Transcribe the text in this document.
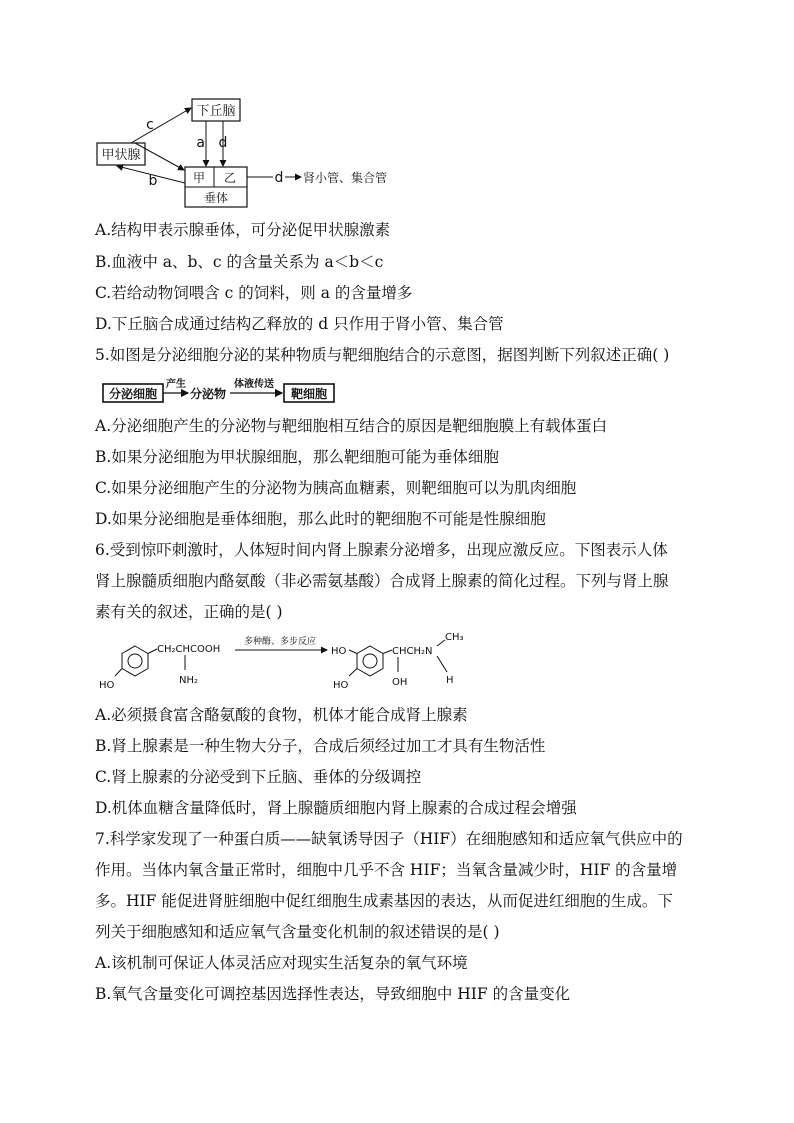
下丘脑
甲状腺
甲 乙
垂体
a d
c
b	d 肾小管、集合管
A.结构甲表示腺垂体，可分泌促甲状腺激素
B.血液中 a、b、c 的含量关系为 a＜b＜c
C.若给动物饲喂含 c 的饲料，则 a 的含量增多
D.下丘脑合成通过结构乙释放的 d 只作用于肾小管、集合管
5.如图是分泌细胞分泌的某种物质与靶细胞结合的示意图，据图判断下列叙述正确( )
分泌细胞
产生
分泌物
体液传送
靶细胞
A.分泌细胞产生的分泌物与靶细胞相互结合的原因是靶细胞膜上有载体蛋白
B.如果分泌细胞为甲状腺细胞，那么靶细胞可能为垂体细胞
C.如果分泌细胞产生的分泌物为胰高血糖素，则靶细胞可以为肌肉细胞
D.如果分泌细胞是垂体细胞，那么此时的靶细胞不可能是性腺细胞
6.受到惊吓刺激时，人体短时间内肾上腺素分泌增多，出现应激反应。下图表示人体
肾上腺髓质细胞内酪氨酸（非必需氨基酸）合成肾上腺素的简化过程。下列与肾上腺
素有关的叙述，正确的是( )
HO
CH₂CHCOOH
NH₂
多种酶、多步反应
HO
HO
CHCH₂N
OH
CH₃
H
A.必须摄食富含酪氨酸的食物，机体才能合成肾上腺素
B.肾上腺素是一种生物大分子，合成后须经过加工才具有生物活性
C.肾上腺素的分泌受到下丘脑、垂体的分级调控
D.机体血糖含量降低时，肾上腺髓质细胞内肾上腺素的合成过程会增强
7.科学家发现了一种蛋白质——缺氧诱导因子（HIF）在细胞感知和适应氧气供应中的
作用。当体内氧含量正常时，细胞中几乎不含 HIF；当氧含量减少时，HIF 的含量增
多。HIF 能促进肾脏细胞中促红细胞生成素基因的表达，从而促进红细胞的生成。下
列关于细胞感知和适应氧气含量变化机制的叙述错误的是( )
A.该机制可保证人体灵活应对现实生活复杂的氧气环境
B.氧气含量变化可调控基因选择性表达，导致细胞中 HIF 的含量变化
